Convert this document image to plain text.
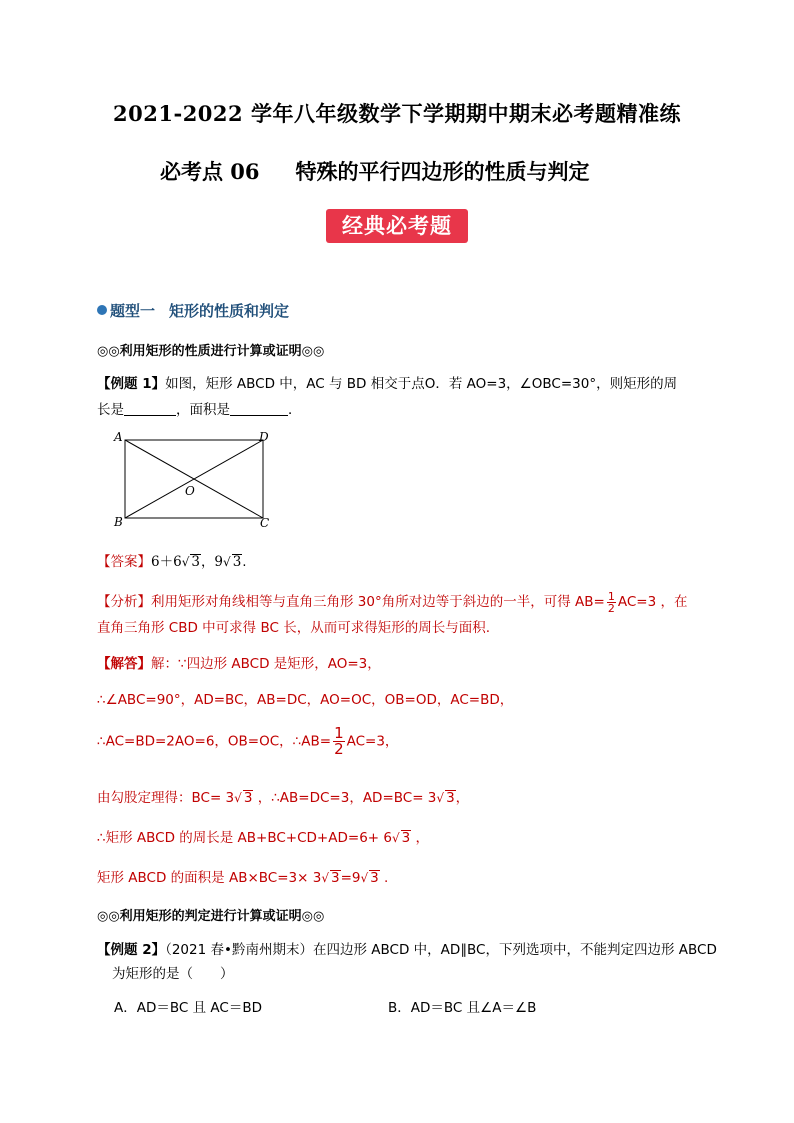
2021-2022 学年八年级数学下学期期中期末必考题精准练
必考点 06 特殊的平行四边形的性质与判定
经典必考题
题型一 矩形的性质和判定
◎◎利用矩形的性质进行计算或证明◎◎
【例题 1】如图，矩形 ABCD 中，AC 与 BD 相交于点O．若 AO=3，∠OBC=30°，则矩形的周
长是	，面积是	．
A	D
B	C
O
【答案】6＋6√ 3，9√ 3.
【分析】利用矩形对角线相等与直角三角形 30°角所对边等于斜边的一半，可得 $AB= \frac{1}{2} AC=3$ ，在
直角三角形 CBD 中可求得 BC 长，从而可求得矩形的周长与面积.
【解答】解：∵四边形 ABCD 是矩形，AO=3，
∴∠ABC=90°，AD=BC，AB=DC，AO=OC，OB=OD，AC=BD，
∴AC=BD=2AO=6，OB=OC，∴AB= $\frac{1}{2} AC=3$，
由勾股定理得：BC= 3√ 3 ，∴AB=DC=3，AD=BC= 3√ 3，
∴矩形 ABCD 的周长是 AB+BC+CD+AD=6+ 6√ 3 ，
矩形 ABCD 的面积是 AB×BC=3× 3√ 3=9√ 3 .
◎◎利用矩形的判定进行计算或证明◎◎
【例题 2】（2021 春•黔南州期末）在四边形 ABCD 中，AD∥BC，下列选项中，不能判定四边形 ABCD
为矩形的是（　　）
A．AD＝BC 且 AC＝BD	B．AD＝BC 且∠A＝∠B
